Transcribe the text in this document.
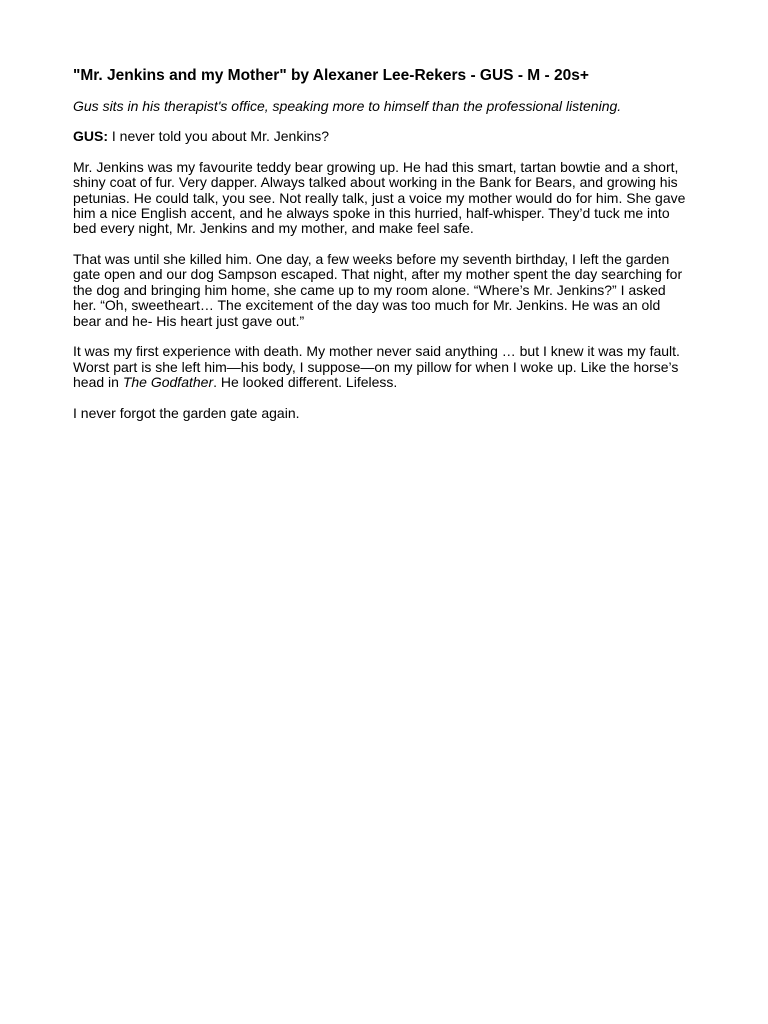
"Mr. Jenkins and my Mother" by Alexaner Lee-Rekers - GUS - M - 20s+
Gus sits in his therapist's office, speaking more to himself than the professional listening.

GUS: I never told you about Mr. Jenkins?

Mr. Jenkins was my favourite teddy bear growing up. He had this smart, tartan bowtie and a short,
shiny coat of fur. Very dapper. Always talked about working in the Bank for Bears, and growing his
petunias. He could talk, you see. Not really talk, just a voice my mother would do for him. She gave
him a nice English accent, and he always spoke in this hurried, half-whisper. They’d tuck me into
bed every night, Mr. Jenkins and my mother, and make feel safe.

That was until she killed him. One day, a few weeks before my seventh birthday, I left the garden
gate open and our dog Sampson escaped. That night, after my mother spent the day searching for
the dog and bringing him home, she came up to my room alone. “Where’s Mr. Jenkins?” I asked
her. “Oh, sweetheart… The excitement of the day was too much for Mr. Jenkins. He was an old
bear and he- His heart just gave out.”

It was my first experience with death. My mother never said anything … but I knew it was my fault.
Worst part is she left him—his body, I suppose—on my pillow for when I woke up. Like the horse’s
head in The Godfather. He looked different. Lifeless.

I never forgot the garden gate again.
